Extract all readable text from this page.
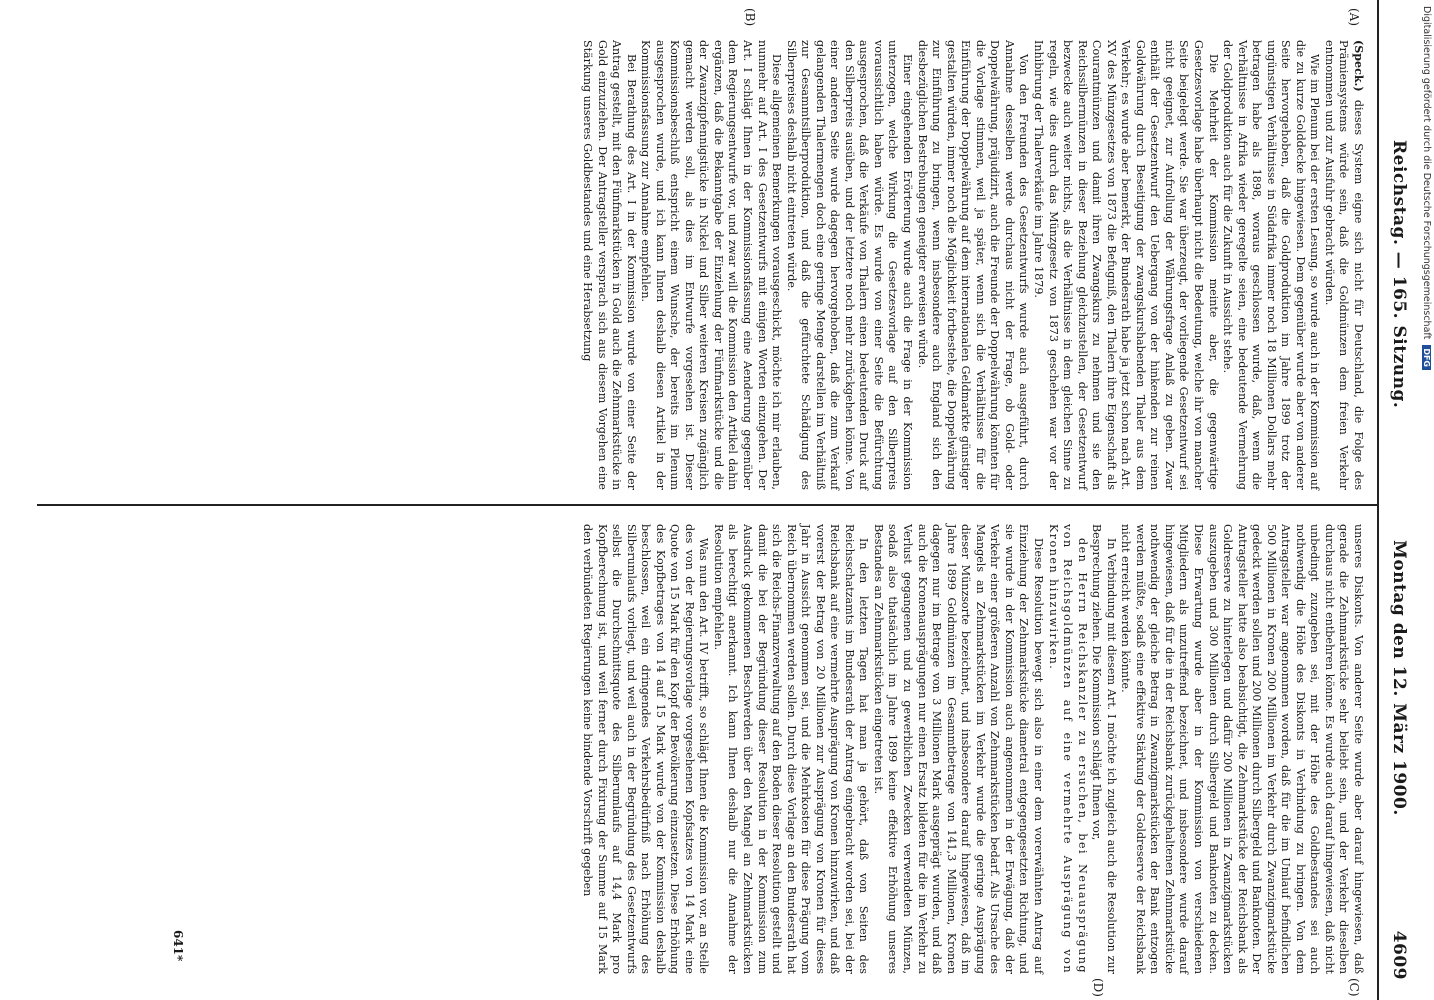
Reichstag. — 165. Sitzung.
Montag den 12. März 1900.
4609
(A)
(B)
(C)
(D)

(Speck.) dieses System eigne sich nicht für Deutschland, die Folge des Prämiensystems würde sein, daß die Goldmünzen dem freien Verkehr entnommen und zur Ausfuhr gebracht würden.

Wie im Plenum bei der ersten Lesung, so wurde auch in der Kommission auf die zu kurze Golddecke hingewiesen. Dem gegenüber wurde aber von anderer Seite hervorgehoben, daß die Goldproduktion im Jahre 1899 trotz der ungünstigen Verhältnisse in Südafrika immer noch 18 Millionen Dollars mehr betragen habe als 1898, woraus geschlossen wurde, daß, wenn die Verhältnisse in Afrika wieder geregelte seien, eine bedeutende Vermehrung der Goldproduktion auch für die Zukunft in Aussicht stehe.

Die Mehrheit der Kommission meinte aber, die gegenwärtige Gesetzesvorlage habe überhaupt nicht die Bedeutung, welche ihr von mancher Seite beigelegt werde. Sie war überzeugt, der vorliegende Gesetzentwurf sei nicht geeignet, zur Aufrollung der Währungsfrage Anlaß zu geben. Zwar enthält der Gesetzentwurf den Uebergang von der hinkenden zur reinen Goldwährung durch Beseitigung der zwangskurshabenden Thaler aus dem Verkehr; es wurde aber bemerkt, der Bundesrath habe ja jetzt schon nach Art. XV des Münzgesetzes von 1873 die Befugniß, den Thalern ihre Eigenschaft als Courantmünzen und damit ihren Zwangskurs zu nehmen und sie den Reichssilbermünzen in dieser Beziehung gleichzustellen, der Gesetzentwurf bezwecke auch weiter nichts, als die Verhältnisse in dem gleichen Sinne zu regeln, wie dies durch das Münzgesetz von 1873 geschehen war vor der Inhibirung der Thalerverkäufe im Jahre 1879.

Von den Freunden des Gesetzentwurfs wurde auch ausgeführt, durch Annahme desselben werde durchaus nicht der Frage, ob Gold- oder Doppelwährung, präjudizirt, auch die Freunde der Doppelwährung könnten für die Vorlage stimmen, weil ja später, wenn sich die Verhältnisse für die Einführung der Doppelwährung auf dem internationalen Geldmarkte günstiger gestalten würden, immer noch die Möglichkeit fortbestehe, die Doppelwährung zur Einführung zu bringen, wenn insbesondere auch England sich den diesbezüglichen Bestrebungen geneigter erweisen würde.

Einer eingehenden Erörterung wurde auch die Frage in der Kommission unterzogen, welche Wirkung die Gesetzesvorlage auf den Silberpreis voraussichtlich haben würde. Es wurde von einer Seite die Befürchtung ausgesprochen, daß die Verkäufe von Thalern einen bedeutenden Druck auf den Silberpreis ausüben, und der letztere noch mehr zurückgehen könne. Von einer anderen Seite wurde dagegen hervorgehoben, daß die zum Verkauf gelangenden Thalermengen doch eine geringe Menge darstellen im Verhältniß zur Gesammtsilberproduktion, und daß die gefürchtete Schädigung des Silberpreises deshalb nicht eintreten würde.

Diese allgemeinen Bemerkungen vorausgeschickt, möchte ich mir erlauben, nunmehr auf Art. I des Gesetzentwurfs mit einigen Worten einzugehen. Der Art. I schlägt Ihnen in der Kommissionsfassung eine Aenderung gegenüber dem Regierungsentwurfe vor, und zwar will die Kommission den Artikel dahin ergänzen, daß die Bekanntgabe der Einziehung der Fünfmarkstücke und die der Zwanzigpfennigstücke in Nickel und Silber weiteren Kreisen zugänglich gemacht werden soll, als dies im Entwurfe vorgesehen ist. Dieser Kommissionsbeschluß entspricht einem Wunsche, der bereits im Plenum ausgesprochen wurde, und ich kann Ihnen deshalb diesen Artikel in der Kommissionsfassung zur Annahme empfehlen.

Bei Berathung des Art. I in der Kommission wurde von einer Seite der Antrag gestellt, mit den Fünfmarkstücken in Gold auch die Zehnmarkstücke in Gold einzuziehen. Der Antragsteller versprach sich aus diesem Vorgehen eine Stärkung unseres Goldbestandes und eine Herabsetzung

unseres Diskonts. Von anderer Seite wurde aber darauf hingewiesen, daß gerade die Zehnmarkstücke sehr beliebt sein, und der Verkehr dieselben durchaus nicht entbehren könne. Es wurde auch darauf hingewiesen, daß nicht unbedingt zuzugeben sei, mit der Höhe des Goldbestandes sei auch nothwendig die Höhe des Diskonts in Verbindung zu bringen. Von dem Antragsteller war angenommen worden, daß für die im Umlauf befindlichen 500 Millionen in Kronen 200 Millionen im Verkehr durch Zwanzigmarkstücke gedeckt werden sollen und 200 Millionen durch Silbergeld und Banknoten. Der Antragsteller hatte also beabsichtigt, die Zehnmarkstücke der Reichsbank als Goldreserve zu hinterlegen und dafür 200 Millionen in Zwanzigmarkstücken auszugeben und 300 Millionen durch Silbergeld und Banknoten zu decken. Diese Erwartung wurde aber in der Kommission von verschiedenen Mitgliedern als unzutreffend bezeichnet, und insbesondere wurde darauf hingewiesen, daß für die in der Reichsbank zurückgehaltenen Zehnmarkstücke nothwendig der gleiche Betrag in Zwanzigmarkstücken der Bank entzogen werden müßte, sodaß eine effektive Stärkung der Goldreserve der Reichsbank nicht erreicht werden könnte.

In Verbindung mit diesem Art. I möchte ich zugleich auch die Resolution zur Besprechung ziehen. Die Kommission schlägt Ihnen vor,

den Herrn Reichskanzler zu ersuchen, bei Neuausprägung von Reichsgoldmünzen auf eine vermehrte Ausprägung von Kronen hinzuwirken.

Diese Resolution bewegt sich also in einer dem vorerwähnten Antrag auf Einziehung der Zehnmarkstücke diametral entgegengesetzten Richtung, und sie wurde in der Kommission auch angenommen in der Erwägung, daß der Verkehr einer größeren Anzahl von Zehnmarkstücken bedarf. Als Ursache des Mangels an Zehnmarkstücken im Verkehr wurde die geringe Ausprägung dieser Münzsorte bezeichnet, und insbesondere darauf hingewiesen, daß im Jahre 1899 Goldmünzen im Gesammtbetrage von 141,3 Millionen, Kronen dagegen nur im Betrage von 3 Millionen Mark ausgeprägt wurden, und daß auch die Kronenausprägungen nur einen Ersatz bildeten für die im Verkehr zu Verlust gegangenen und zu gewerblichen Zwecken verwendeten Münzen, sodaß also thatsächlich im Jahre 1899 keine effektive Erhöhung unseres Bestandes an Zehnmarkstücken eingetreten ist.

In den letzten Tagen hat man ja gehört, daß von Seiten des Reichsschatzamts im Bundesrath der Antrag eingebracht worden sei, bei der Reichsbank auf eine vermehrte Ausprägung von Kronen hinzuwirken, und daß vorerst der Betrag von 20 Millionen zur Ausprägung von Kronen für dieses Jahr in Aussicht genommen sei, und die Mehrkosten für diese Prägung vom Reich übernommen werden sollen. Durch diese Vorlage an den Bundesrath hat sich die Reichs-Finanzverwaltung auf den Boden dieser Resolution gestellt und damit die bei der Begründung dieser Resolution in der Kommission zum Ausdruck gekommenen Beschwerden über den Mangel an Zehnmarkstücken als berechtigt anerkannt. Ich kann Ihnen deshalb nur die Annahme der Resolution empfehlen.

Was nun den Art. IV betrifft, so schlägt Ihnen die Kommission vor, an Stelle des von der Regierungsvorlage vorgesehenen Kopfsatzes von 14 Mark eine Quote von 15 Mark für den Kopf der Bevölkerung einzusetzen. Diese Erhöhung des Kopfbetrages von 14 auf 15 Mark wurde von der Kommission deshalb beschlossen, weil ein dringendes Verkehrsbedürfniß nach Erhöhung des Silberumlaufs vorliegt, und weil auch in der Begründung des Gesetzentwurfs selbst die Durchschnittsquote des Silberumlaufs auf 14,4 Mark pro Kopfberechnung ist, und weil ferner durch Fixirung der Summe auf 15 Mark den verbündeten Regierungen keine bindende Vorschrift gegeben

641*
Digitalisierung gefördert durch die Deutsche Forschungsgemeinschaft
DFG
